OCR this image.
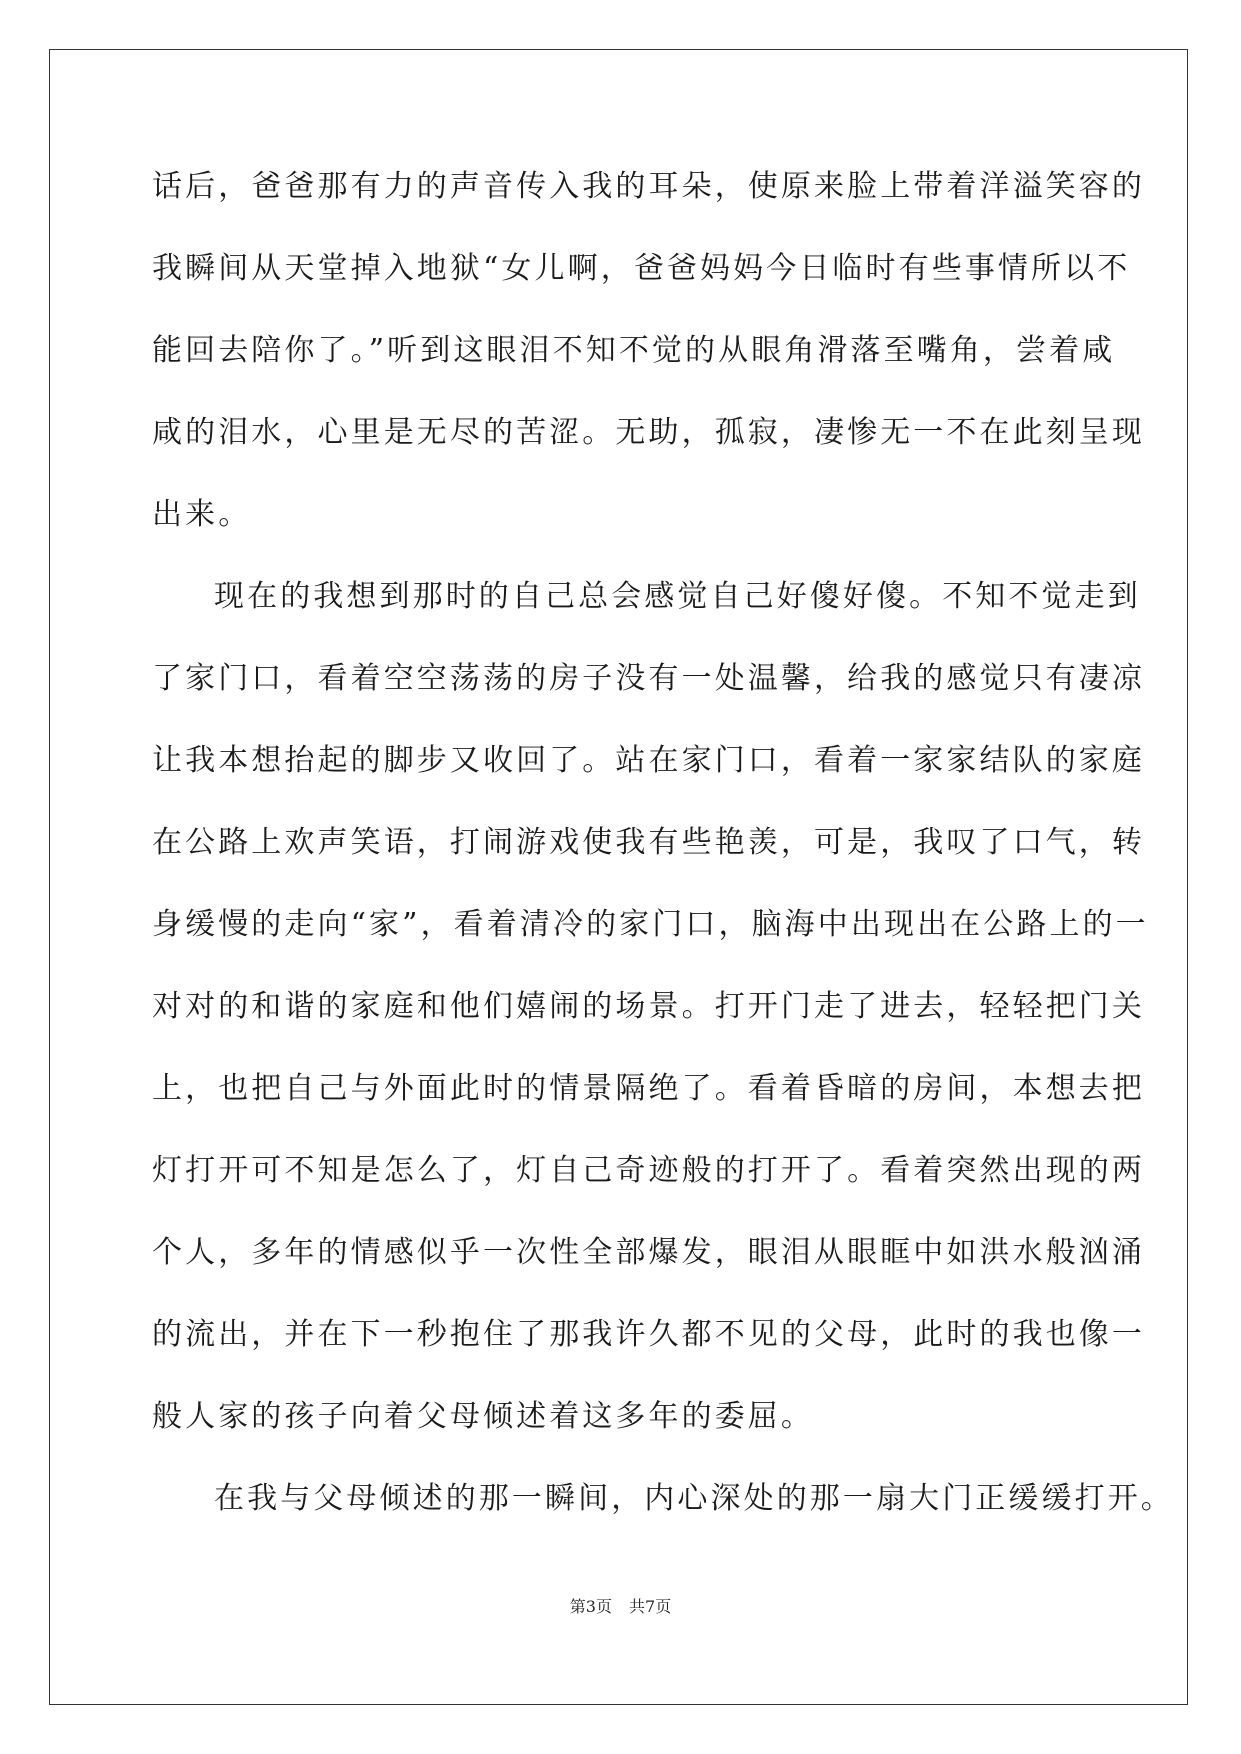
话后，爸爸那有力的声音传入我的耳朵，使原来脸上带着洋溢笑容的
我瞬间从天堂掉入地狱“女儿啊，爸爸妈妈今日临时有些事情所以不
能回去陪你了。”听到这眼泪不知不觉的从眼角滑落至嘴角，尝着咸
咸的泪水，心里是无尽的苦涩。无助，孤寂，凄惨无一不在此刻呈现
出来。
现在的我想到那时的自己总会感觉自己好傻好傻。不知不觉走到
了家门口，看着空空荡荡的房子没有一处温馨，给我的感觉只有凄凉
让我本想抬起的脚步又收回了。站在家门口，看着一家家结队的家庭
在公路上欢声笑语，打闹游戏使我有些艳羡，可是，我叹了口气，转
身缓慢的走向“家”，看着清冷的家门口，脑海中出现出在公路上的一
对对的和谐的家庭和他们嬉闹的场景。打开门走了进去，轻轻把门关
上，也把自己与外面此时的情景隔绝了。看着昏暗的房间，本想去把
灯打开可不知是怎么了，灯自己奇迹般的打开了。看着突然出现的两
个人，多年的情感似乎一次性全部爆发，眼泪从眼眶中如洪水般汹涌
的流出，并在下一秒抱住了那我许久都不见的父母，此时的我也像一
般人家的孩子向着父母倾述着这多年的委屈。
在我与父母倾述的那一瞬间，内心深处的那一扇大门正缓缓打开。
第3页 共7页
